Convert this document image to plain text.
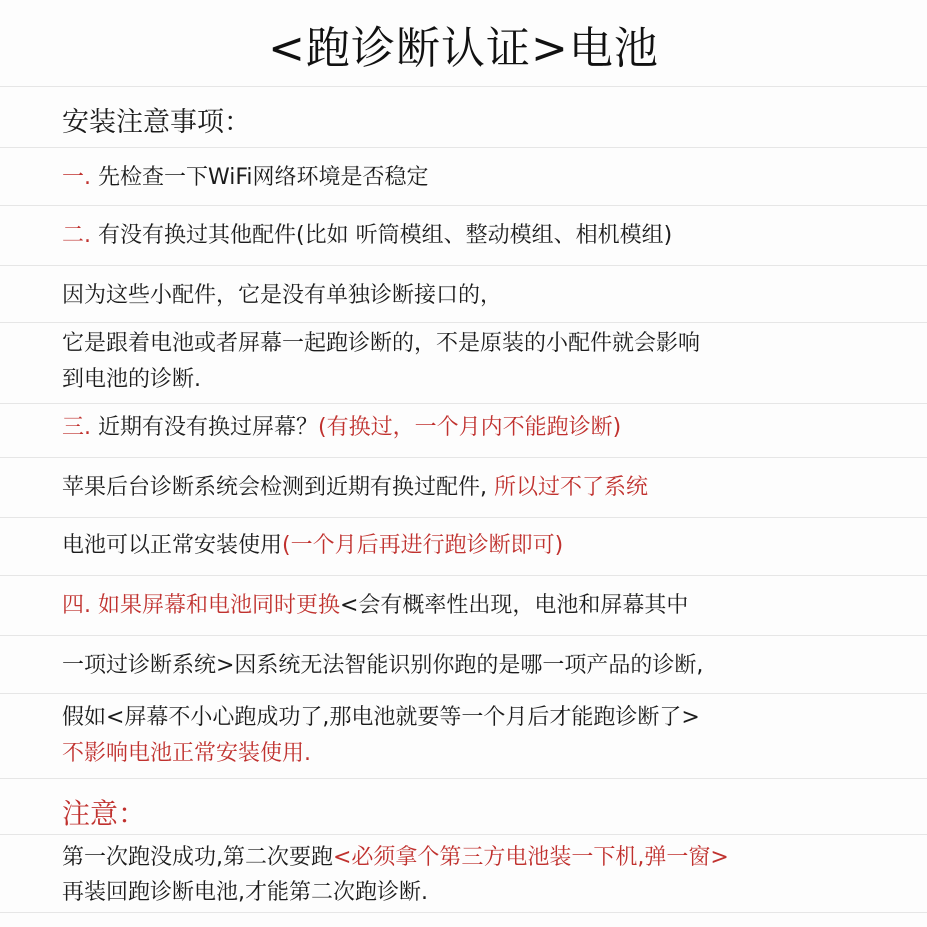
<跑诊断认证>电池
安装注意事项：
一. 先检查一下WiFi网络环境是否稳定
二. 有没有换过其他配件(比如 听筒模组、整动模组、相机模组)
因为这些小配件，它是没有单独诊断接口的，
它是跟着电池或者屏幕一起跑诊断的，不是原装的小配件就会影响
到电池的诊断.
三. 近期有没有换过屏幕？(有换过，一个月内不能跑诊断)
苹果后台诊断系统会检测到近期有换过配件, 所以过不了系统
电池可以正常安装使用(一个月后再进行跑诊断即可)
四. 如果屏幕和电池同时更换<会有概率性出现，电池和屏幕其中
一项过诊断系统>因系统无法智能识别你跑的是哪一项产品的诊断,
假如<屏幕不小心跑成功了,那电池就要等一个月后才能跑诊断了>
不影响电池正常安装使用.
注意：
第一次跑没成功,第二次要跑<必须拿个第三方电池装一下机,弹一窗>
再装回跑诊断电池,才能第二次跑诊断.
